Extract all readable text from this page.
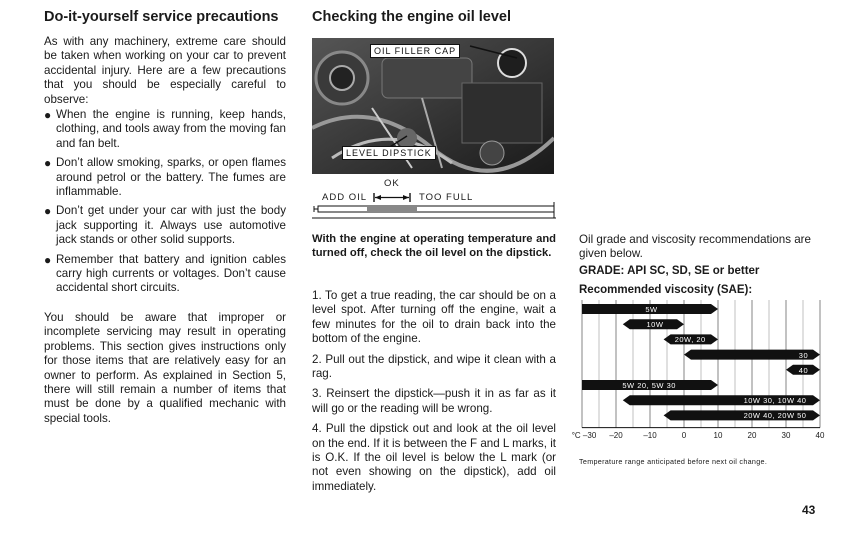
Do-it-yourself service precautions

As with any machinery, extreme care should be taken when working on your car to prevent accidental injury. Here are a few precautions that you should be especially careful to observe:

● When the engine is running, keep hands, clothing, and tools away from the moving fan and fan belt.
● Don’t allow smoking, sparks, or open flames around petrol or the battery. The fumes are inflammable.
● Don’t get under your car with just the body jack supporting it. Always use automotive jack stands or other solid supports.
● Remember that battery and ignition cables carry high currents or voltages. Don’t cause accidental short circuits.

You should be aware that improper or incomplete servicing may result in operating problems. This section gives instructions only for those items that are relatively easy for an owner to perform. As explained in Section 5, there will still remain a number of items that must be done by a qualified mechanic with special tools.

Checking the engine oil level
OIL FILLER CAP
LEVEL DIPSTICK
OK
ADD OIL	TOO FULL
With the engine at operating temperature and turned off, check the oil level on the dipstick.

1. To get a true reading, the car should be on a level spot. After turning off the engine, wait a few minutes for the oil to drain back into the bottom of the engine.

2. Pull out the dipstick, and wipe it clean with a rag.

3. Reinsert the dipstick—push it in as far as it will go or the reading will be wrong.

4. Pull the dipstick out and look at the oil level on the end. If it is between the F and L marks, it is O.K. If the oil level is below the L mark (or not even showing on the dipstick), add oil immediately.

Oil grade and viscosity recommendations are given below.
GRADE: API SC, SD, SE or better
Recommended viscosity (SAE):
5W
10W
20W, 20
30
40
5W 20, 5W 30
10W 30, 10W 40
20W 40, 20W 50
°C –30 –20	–10	0	10	20	30	40
Temperature range anticipated before next oil change.
43
